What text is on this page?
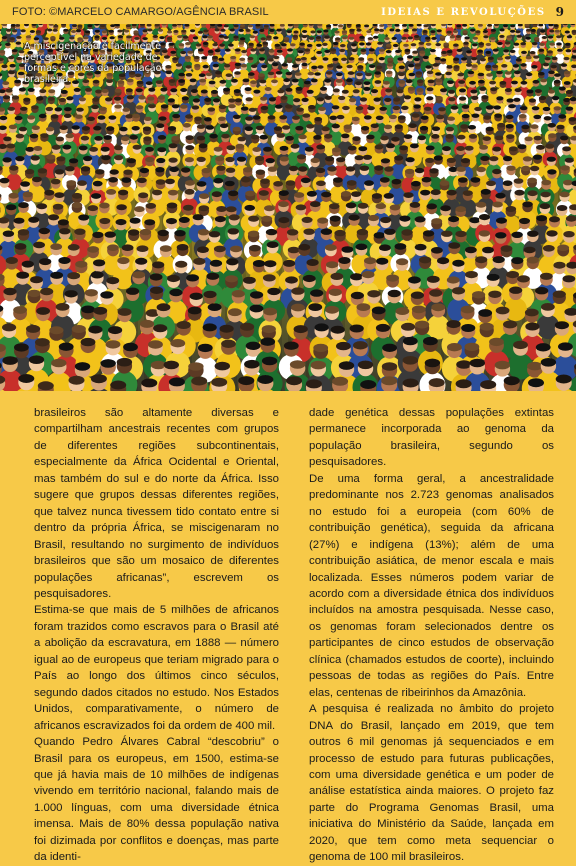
FOTO: ©MARCELO CAMARGO/AGÊNCIA BRASIL	IDEIAS E REVOLUÇÕES 9
A miscigenação é facilmente perceptível na variedade de formas e cores da população brasileira.

brasileiros são altamente diversas e compartilham ancestrais recentes com grupos de diferentes regiões subcontinentais, especialmente da África Ocidental e Oriental, mas também do sul e do norte da África. Isso sugere que grupos dessas diferentes regiões, que talvez nunca tivessem tido contato entre si dentro da própria África, se miscigenaram no Brasil, resultando no surgimento de indivíduos brasileiros que são um mosaico de diferentes populações africanas”, escrevem os pesquisadores.

Estima-se que mais de 5 milhões de africanos foram trazidos como escravos para o Brasil até a abolição da escravatura, em 1888 — número igual ao de europeus que teriam migrado para o País ao longo dos últimos cinco séculos, segundo dados citados no estudo. Nos Estados Unidos, comparativamente, o número de africanos escravizados foi da ordem de 400 mil.

Quando Pedro Álvares Cabral “descobriu” o Brasil para os europeus, em 1500, estima-se que já havia mais de 10 milhões de indígenas vivendo em território nacional, falando mais de 1.000 línguas, com uma diversidade étnica imensa. Mais de 80% dessa população nativa foi dizimada por conflitos e doenças, mas parte da identi-

dade genética dessas populações extintas permanece incorporada ao genoma da população brasileira, segundo os pesquisadores.

De uma forma geral, a ancestralidade predominante nos 2.723 genomas analisados no estudo foi a europeia (com 60% de contribuição genética), seguida da africana (27%) e indígena (13%); além de uma contribuição asiática, de menor escala e mais localizada. Esses números podem variar de acordo com a diversidade étnica dos indivíduos incluídos na amostra pesquisada. Nesse caso, os genomas foram selecionados dentre os participantes de cinco estudos de observação clínica (chamados estudos de coorte), incluindo pessoas de todas as regiões do País. Entre elas, centenas de ribeirinhos da Amazônia.

A pesquisa é realizada no âmbito do projeto DNA do Brasil, lançado em 2019, que tem outros 6 mil genomas já sequenciados e em processo de estudo para futuras publicações, com uma diversidade genética e um poder de análise estatística ainda maiores. O projeto faz parte do Programa Genomas Brasil, uma iniciativa do Ministério da Saúde, lançada em 2020, que tem como meta sequenciar o genoma de 100 mil brasileiros.
